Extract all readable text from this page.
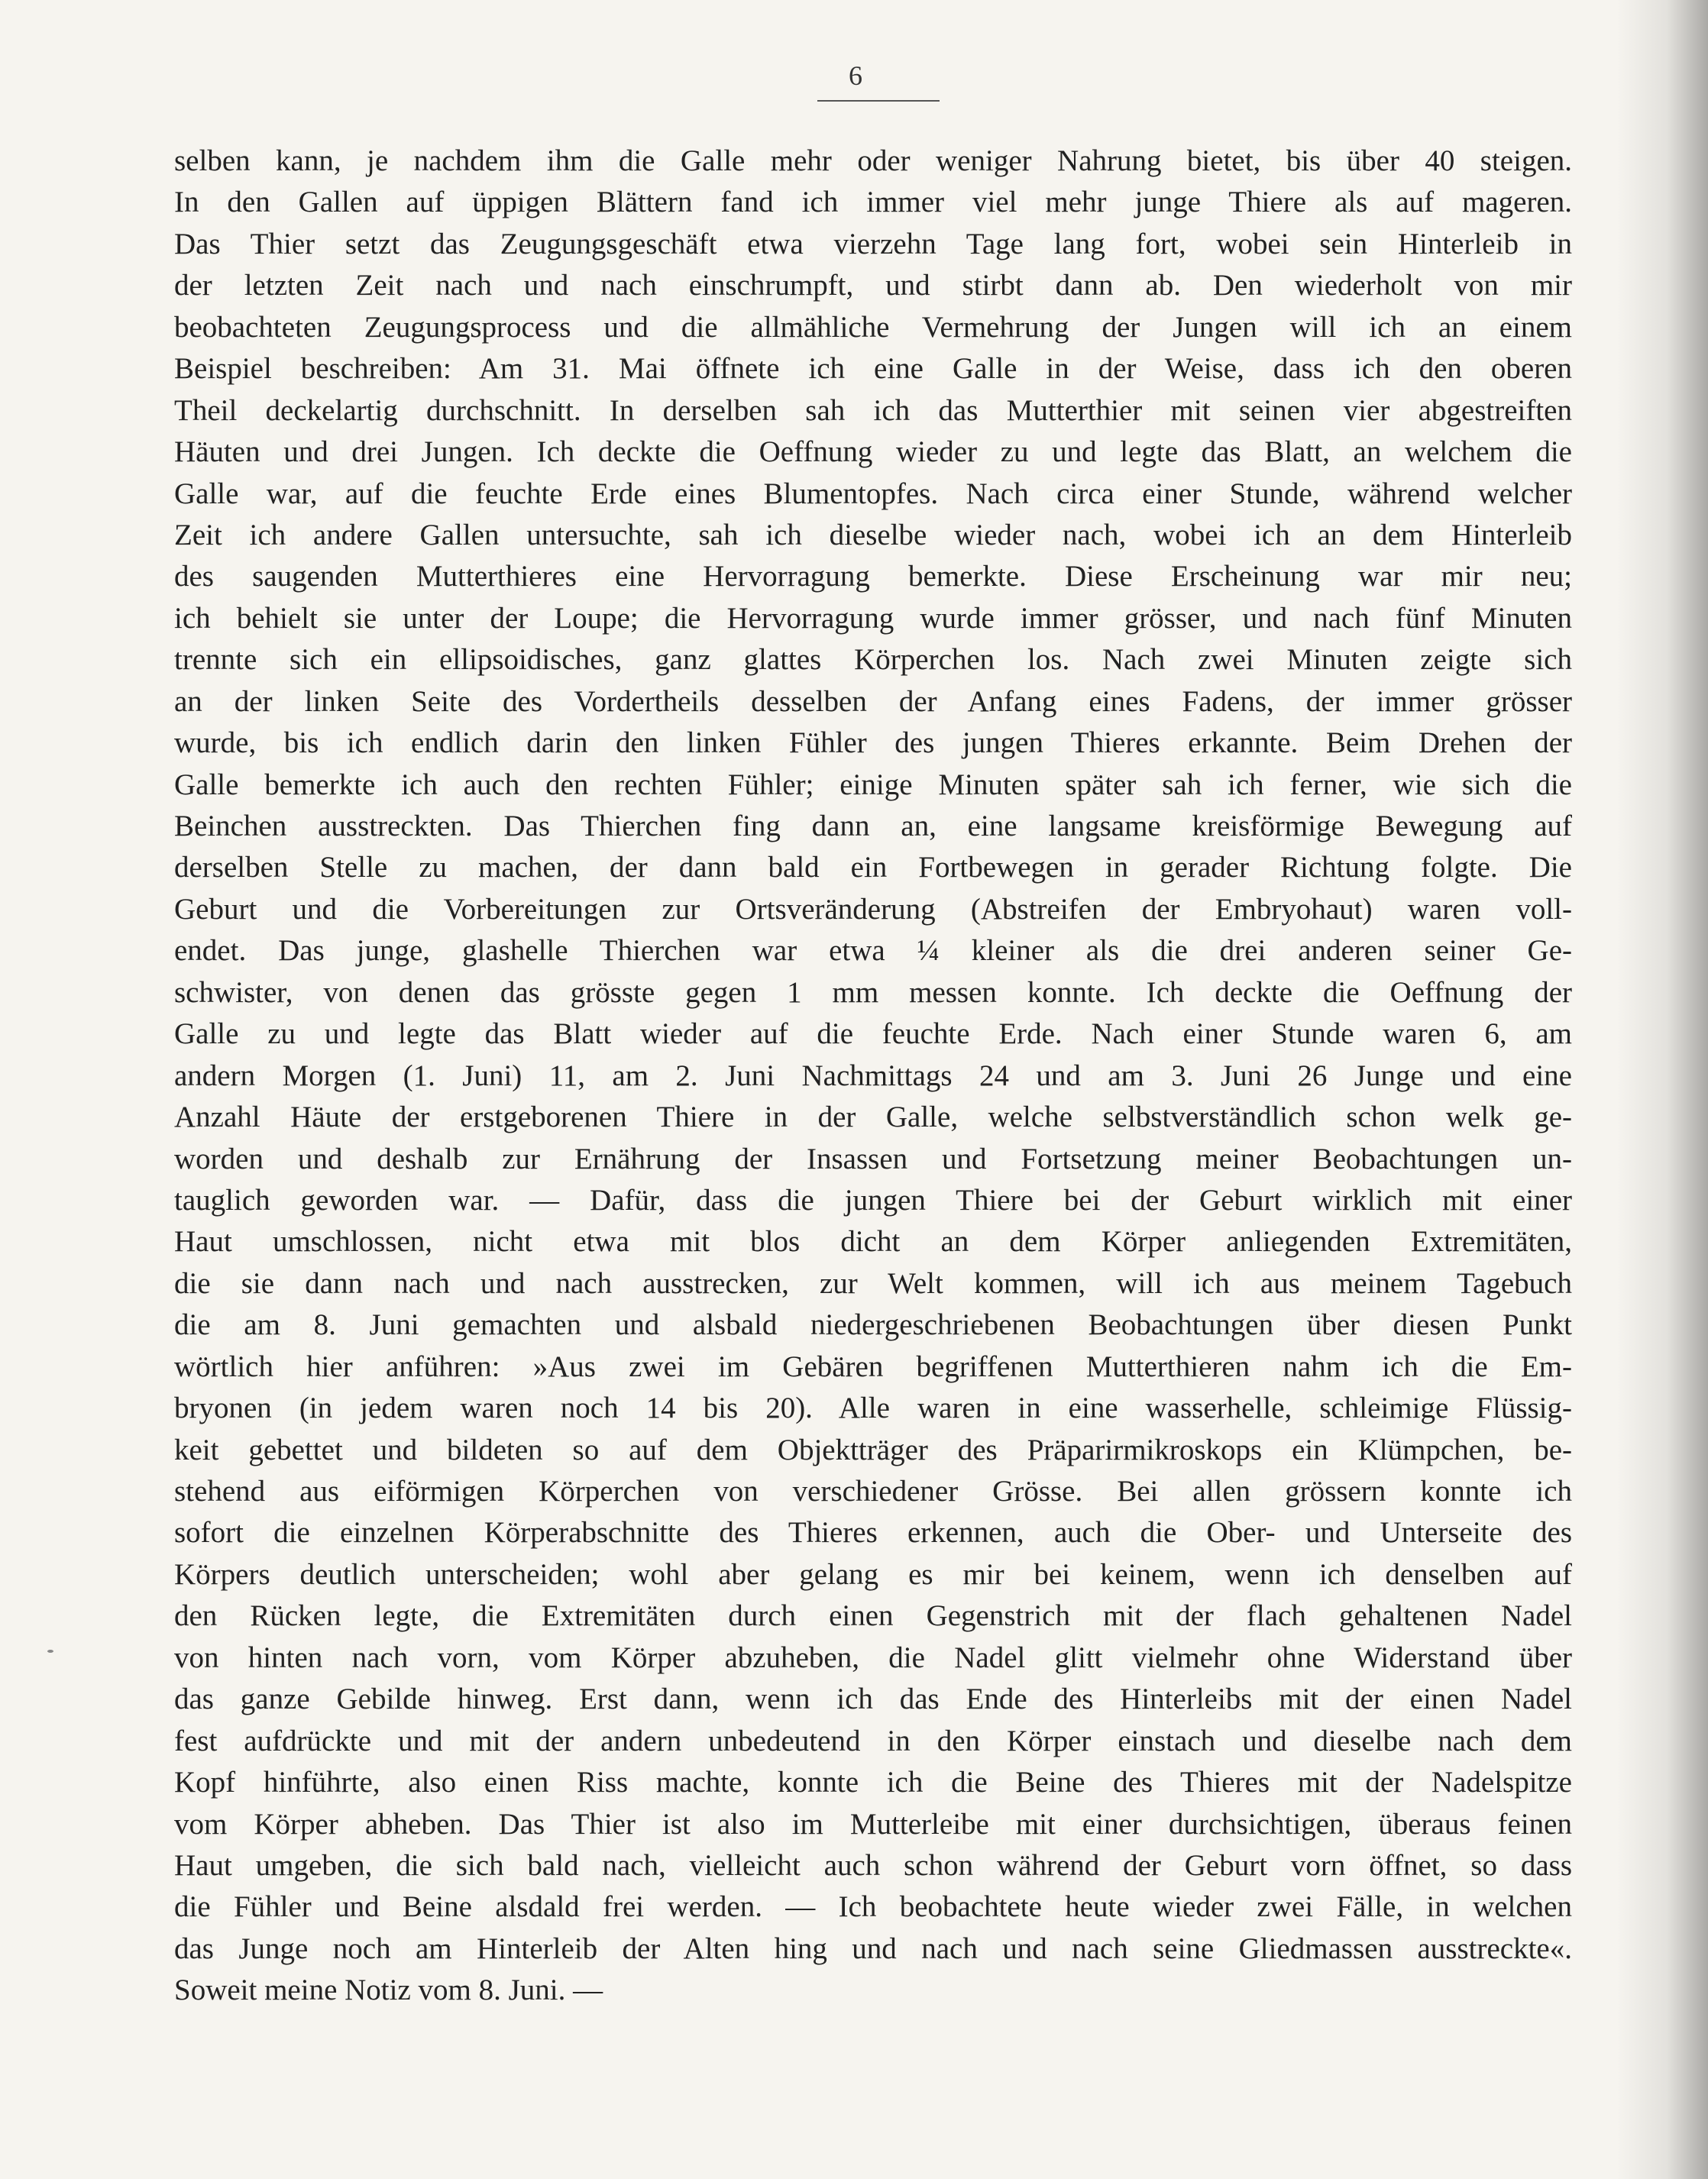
6
selben kann, je nachdem ihm die Galle mehr oder weniger Nahrung bietet, bis über 40 steigen.
In den Gallen auf üppigen Blättern fand ich immer viel mehr junge Thiere als auf mageren.
Das Thier setzt das Zeugungsgeschäft etwa vierzehn Tage lang fort, wobei sein Hinterleib in
der letzten Zeit nach und nach einschrumpft, und stirbt dann ab. Den wiederholt von mir
beobachteten Zeugungsprocess und die allmähliche Vermehrung der Jungen will ich an einem
Beispiel beschreiben: Am 31. Mai öffnete ich eine Galle in der Weise, dass ich den oberen
Theil deckelartig durchschnitt. In derselben sah ich das Mutterthier mit seinen vier abgestreiften
Häuten und drei Jungen. Ich deckte die Oeffnung wieder zu und legte das Blatt, an welchem die
Galle war, auf die feuchte Erde eines Blumentopfes. Nach circa einer Stunde, während welcher
Zeit ich andere Gallen untersuchte, sah ich dieselbe wieder nach, wobei ich an dem Hinterleib
des saugenden Mutterthieres eine Hervorragung bemerkte. Diese Erscheinung war mir neu;
ich behielt sie unter der Loupe; die Hervorragung wurde immer grösser, und nach fünf Minuten
trennte sich ein ellipsoidisches, ganz glattes Körperchen los. Nach zwei Minuten zeigte sich
an der linken Seite des Vordertheils desselben der Anfang eines Fadens, der immer grösser
wurde, bis ich endlich darin den linken Fühler des jungen Thieres erkannte. Beim Drehen der
Galle bemerkte ich auch den rechten Fühler; einige Minuten später sah ich ferner, wie sich die
Beinchen ausstreckten. Das Thierchen fing dann an, eine langsame kreisförmige Bewegung auf
derselben Stelle zu machen, der dann bald ein Fortbewegen in gerader Richtung folgte. Die
Geburt und die Vorbereitungen zur Ortsveränderung (Abstreifen der Embryohaut) waren voll-
endet. Das junge, glashelle Thierchen war etwa ¼ kleiner als die drei anderen seiner Ge-
schwister, von denen das grösste gegen 1 mm messen konnte. Ich deckte die Oeffnung der
Galle zu und legte das Blatt wieder auf die feuchte Erde. Nach einer Stunde waren 6, am
andern Morgen (1. Juni) 11, am 2. Juni Nachmittags 24 und am 3. Juni 26 Junge und eine
Anzahl Häute der erstgeborenen Thiere in der Galle, welche selbstverständlich schon welk ge-
worden und deshalb zur Ernährung der Insassen und Fortsetzung meiner Beobachtungen un-
tauglich geworden war. — Dafür, dass die jungen Thiere bei der Geburt wirklich mit einer
Haut umschlossen, nicht etwa mit blos dicht an dem Körper anliegenden Extremitäten,
die sie dann nach und nach ausstrecken, zur Welt kommen, will ich aus meinem Tagebuch
die am 8. Juni gemachten und alsbald niedergeschriebenen Beobachtungen über diesen Punkt
wörtlich hier anführen: »Aus zwei im Gebären begriffenen Mutterthieren nahm ich die Em-
bryonen (in jedem waren noch 14 bis 20). Alle waren in eine wasserhelle, schleimige Flüssig-
keit gebettet und bildeten so auf dem Objektträger des Präparirmikroskops ein Klümpchen, be-
stehend aus eiförmigen Körperchen von verschiedener Grösse. Bei allen grössern konnte ich
sofort die einzelnen Körperabschnitte des Thieres erkennen, auch die Ober- und Unterseite des
Körpers deutlich unterscheiden; wohl aber gelang es mir bei keinem, wenn ich denselben auf
den Rücken legte, die Extremitäten durch einen Gegenstrich mit der flach gehaltenen Nadel
von hinten nach vorn, vom Körper abzuheben, die Nadel glitt vielmehr ohne Widerstand über
das ganze Gebilde hinweg. Erst dann, wenn ich das Ende des Hinterleibs mit der einen Nadel
fest aufdrückte und mit der andern unbedeutend in den Körper einstach und dieselbe nach dem
Kopf hinführte, also einen Riss machte, konnte ich die Beine des Thieres mit der Nadelspitze
vom Körper abheben. Das Thier ist also im Mutterleibe mit einer durchsichtigen, überaus feinen
Haut umgeben, die sich bald nach, vielleicht auch schon während der Geburt vorn öffnet, so dass
die Fühler und Beine alsdald frei werden. — Ich beobachtete heute wieder zwei Fälle, in welchen
das Junge noch am Hinterleib der Alten hing und nach und nach seine Gliedmassen ausstreckte«.
Soweit meine Notiz vom 8. Juni. —
